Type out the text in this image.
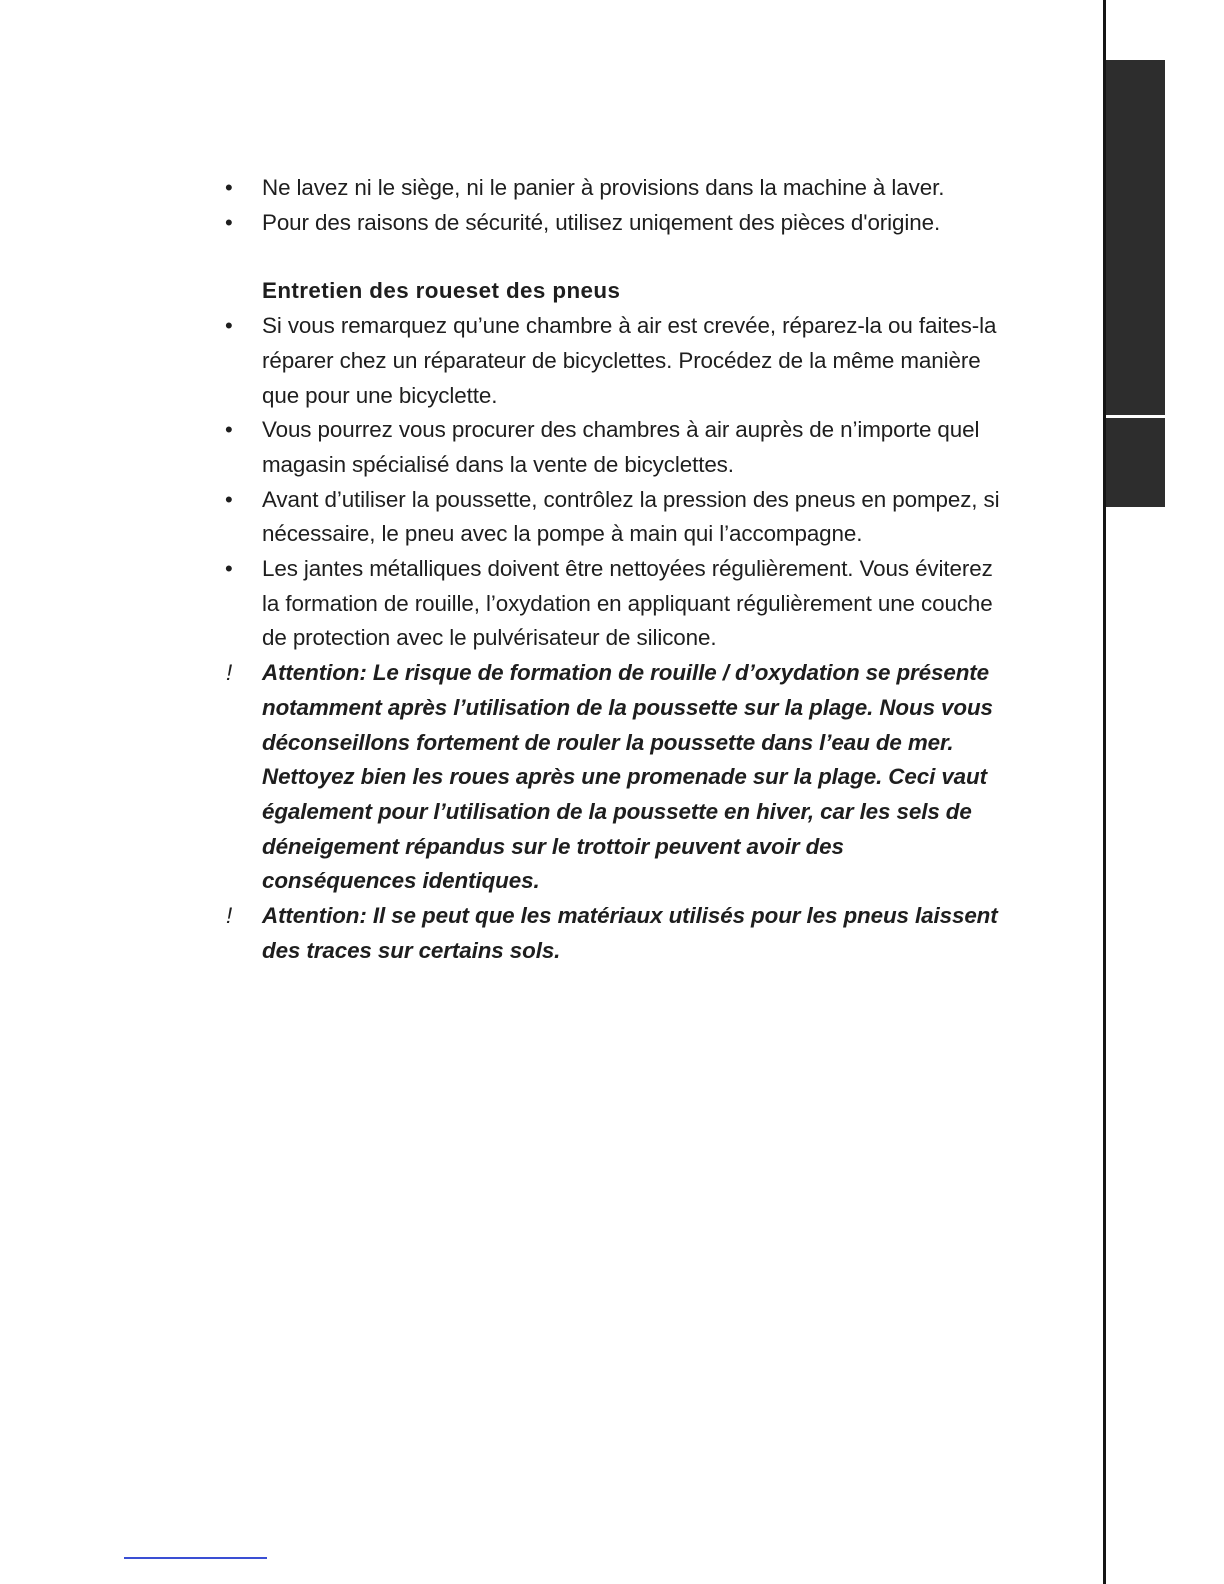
•	Ne lavez ni le siège, ni le panier à provisions dans la machine à laver.
•	Pour des raisons de sécurité, utilisez uniqement des pièces d'origine.
Entretien des roueset des pneus
•	Si vous remarquez qu’une chambre à air est crevée, réparez-la ou faites-la réparer chez un réparateur de bicyclettes. Procédez de la même manière que pour une bicyclette.
•	Vous pourrez vous procurer des chambres à air auprès de n’importe quel magasin spécialisé dans la vente de bicyclettes.
•	Avant d’utiliser la poussette, contrôlez la pression des pneus en pompez, si nécessaire, le pneu avec la pompe à main qui l’accompagne.
•	Les jantes métalliques doivent être nettoyées régulièrement. Vous éviterez la formation de rouille, l’oxydation en appliquant régulièrement une couche de protection avec le pulvérisateur de silicone.
!	Attention: Le risque de formation de rouille / d’oxydation se présente notamment après l’utilisation de la poussette sur la plage. Nous vous déconseillons fortement de rouler la poussette dans l’eau de mer. Nettoyez bien les roues après une promenade sur la plage. Ceci vaut également pour l’utilisation de la poussette en hiver, car les sels de déneigement répandus sur le trottoir peuvent avoir des conséquences identiques.
!	Attention: Il se peut que les matériaux utilisés pour les pneus laissent des traces sur certains sols.
